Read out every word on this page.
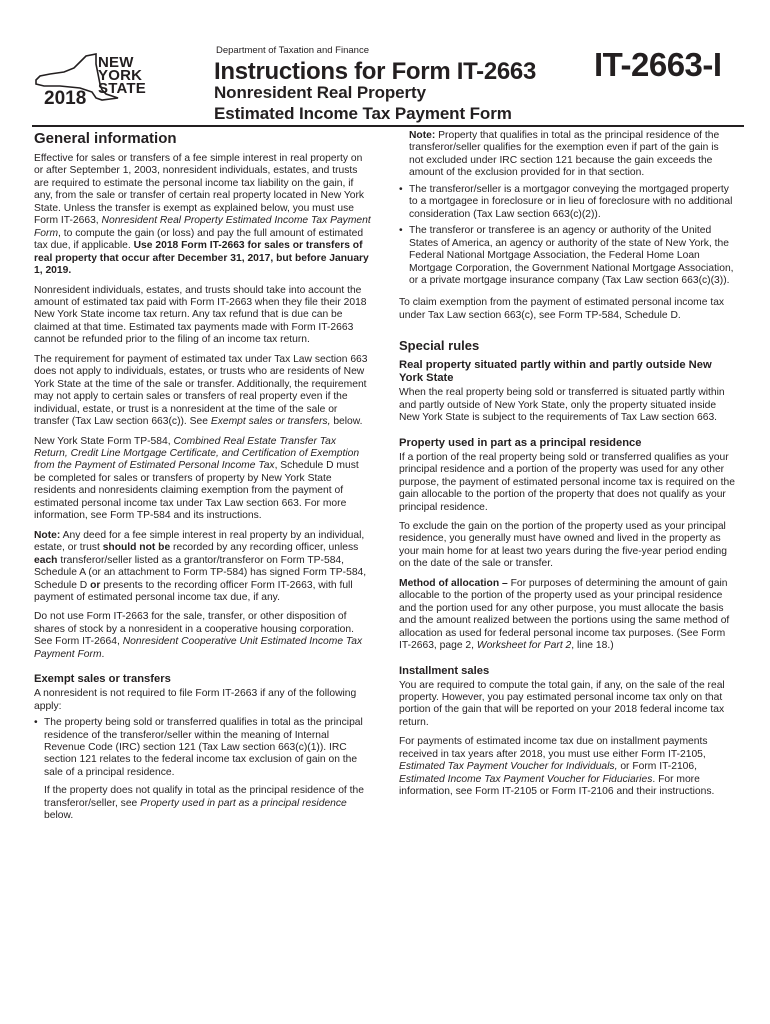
NEW
YORK
STATE
2018
Department of Taxation and Finance
Instructions for Form IT-2663
Nonresident Real Property
Estimated Income Tax Payment Form
IT-2663-I
General information

Effective for sales or transfers of a fee simple interest in real property on or after September 1, 2003, nonresident individuals, estates, and trusts are required to estimate the personal income tax liability on the gain, if any, from the sale or transfer of certain real property located in New York State. Unless the transfer is exempt as explained below, you must use Form IT-2663, Nonresident Real Property Estimated Income Tax Payment Form, to compute the gain (or loss) and pay the full amount of estimated tax due, if applicable. Use 2018 Form IT-2663 for sales or transfers of real property that occur after December 31, 2017, but before January 1, 2019.

Nonresident individuals, estates, and trusts should take into account the amount of estimated tax paid with Form IT-2663 when they file their 2018 New York State income tax return. Any tax refund that is due can be claimed at that time. Estimated tax payments made with Form IT-2663 cannot be refunded prior to the filing of an income tax return.

The requirement for payment of estimated tax under Tax Law section 663 does not apply to individuals, estates, or trusts who are residents of New York State at the time of the sale or transfer. Additionally, the requirement may not apply to certain sales or transfers of real property even if the individual, estate, or trust is a nonresident at the time of the sale or transfer (Tax Law section 663(c)). See Exempt sales or transfers, below.

New York State Form TP-584, Combined Real Estate Transfer Tax Return, Credit Line Mortgage Certificate, and Certification of Exemption from the Payment of Estimated Personal Income Tax, Schedule D must be completed for sales or transfers of property by New York State residents and nonresidents claiming exemption from the payment of estimated personal income tax under Tax Law section 663. For more information, see Form TP-584 and its instructions.

Note: Any deed for a fee simple interest in real property by an individual, estate, or trust should not be recorded by any recording officer, unless each transferor/seller listed as a grantor/transferor on Form TP-584, Schedule A (or an attachment to Form TP-584) has signed Form TP-584, Schedule D or presents to the recording officer Form IT-2663, with full payment of estimated personal income tax due, if any.

Do not use Form IT-2663 for the sale, transfer, or other disposition of shares of stock by a nonresident in a cooperative housing corporation. See Form IT-2664, Nonresident Cooperative Unit Estimated Income Tax Payment Form.

Exempt sales or transfers

A nonresident is not required to file Form IT-2663 if any of the following apply:

• The property being sold or transferred qualifies in total as the principal residence of the transferor/seller within the meaning of Internal Revenue Code (IRC) section 121 (Tax Law section 663(c)(1)). IRC section 121 relates to the federal income tax exclusion of gain on the sale of a principal residence.
If the property does not qualify in total as the principal residence of the transferor/seller, see Property used in part as a principal residence below.

Note: Property that qualifies in total as the principal residence of the transferor/seller qualifies for the exemption even if part of the gain is not excluded under IRC section 121 because the gain exceeds the amount of the exclusion provided for in that section.

• The transferor/seller is a mortgagor conveying the mortgaged property to a mortgagee in foreclosure or in lieu of foreclosure with no additional consideration (Tax Law section 663(c)(2)).
• The transferor or transferee is an agency or authority of the United States of America, an agency or authority of the state of New York, the Federal National Mortgage Association, the Federal Home Loan Mortgage Corporation, the Government National Mortgage Association, or a private mortgage insurance company (Tax Law section 663(c)(3)).

To claim exemption from the payment of estimated personal income tax under Tax Law section 663(c), see Form TP-584, Schedule D.

Special rules
Real property situated partly within and partly outside New York State

When the real property being sold or transferred is situated partly within and partly outside of New York State, only the property situated inside New York State is subject to the requirements of Tax Law section 663.

Property used in part as a principal residence

If a portion of the real property being sold or transferred qualifies as your principal residence and a portion of the property was used for any other purpose, the payment of estimated personal income tax is required on the gain allocable to the portion of the property that does not qualify as your principal residence.

To exclude the gain on the portion of the property used as your principal residence, you generally must have owned and lived in the property as your main home for at least two years during the five-year period ending on the date of the sale or transfer.

Method of allocation – For purposes of determining the amount of gain allocable to the portion of the property used as your principal residence and the portion used for any other purpose, you must allocate the basis and the amount realized between the portions using the same method of allocation as used for federal personal income tax purposes. (See Form IT-2663, page 2, Worksheet for Part 2, line 18.)

Installment sales

You are required to compute the total gain, if any, on the sale of the real property. However, you pay estimated personal income tax only on that portion of the gain that will be reported on your 2018 federal income tax return.

For payments of estimated income tax due on installment payments received in tax years after 2018, you must use either Form IT-2105, Estimated Tax Payment Voucher for Individuals, or Form IT-2106, Estimated Income Tax Payment Voucher for Fiduciaries. For more information, see Form IT-2105 or Form IT-2106 and their instructions.
